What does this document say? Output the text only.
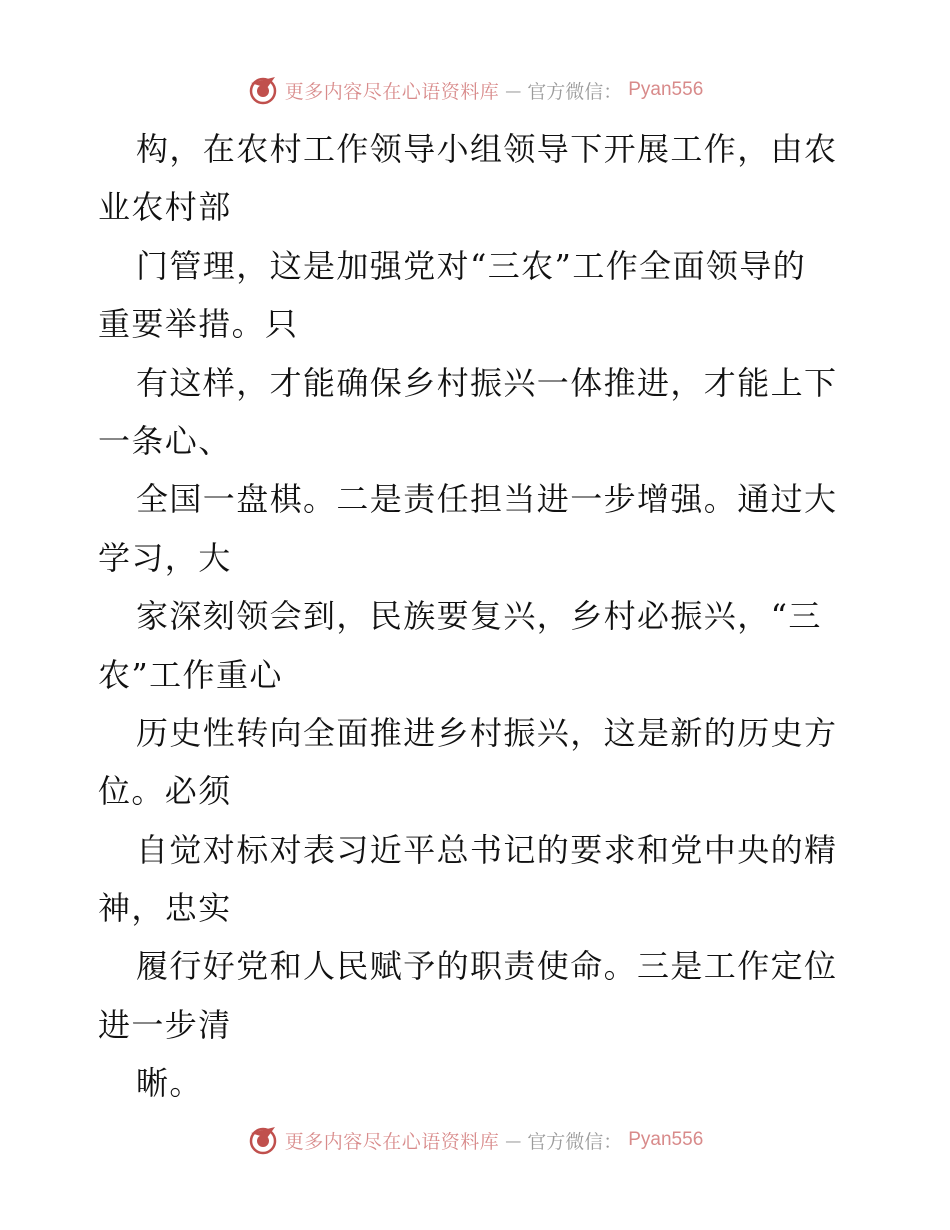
更多内容尽在心语资料库 — 官方微信： Pyan556
构，在农村工作领导小组领导下开展工作，由农
业农村部
门管理，这是加强党对“三农”工作全面领导的
重要举措。只
有这样，才能确保乡村振兴一体推进，才能上下
一条心、
全国一盘棋。二是责任担当进一步增强。通过大
学习，大
家深刻领会到，民族要复兴，乡村必振兴，“三
农”工作重心
历史性转向全面推进乡村振兴，这是新的历史方
位。必须
自觉对标对表习近平总书记的要求和党中央的精
神，忠实
履行好党和人民赋予的职责使命。三是工作定位
进一步清
晰。
更多内容尽在心语资料库 — 官方微信： Pyan556
